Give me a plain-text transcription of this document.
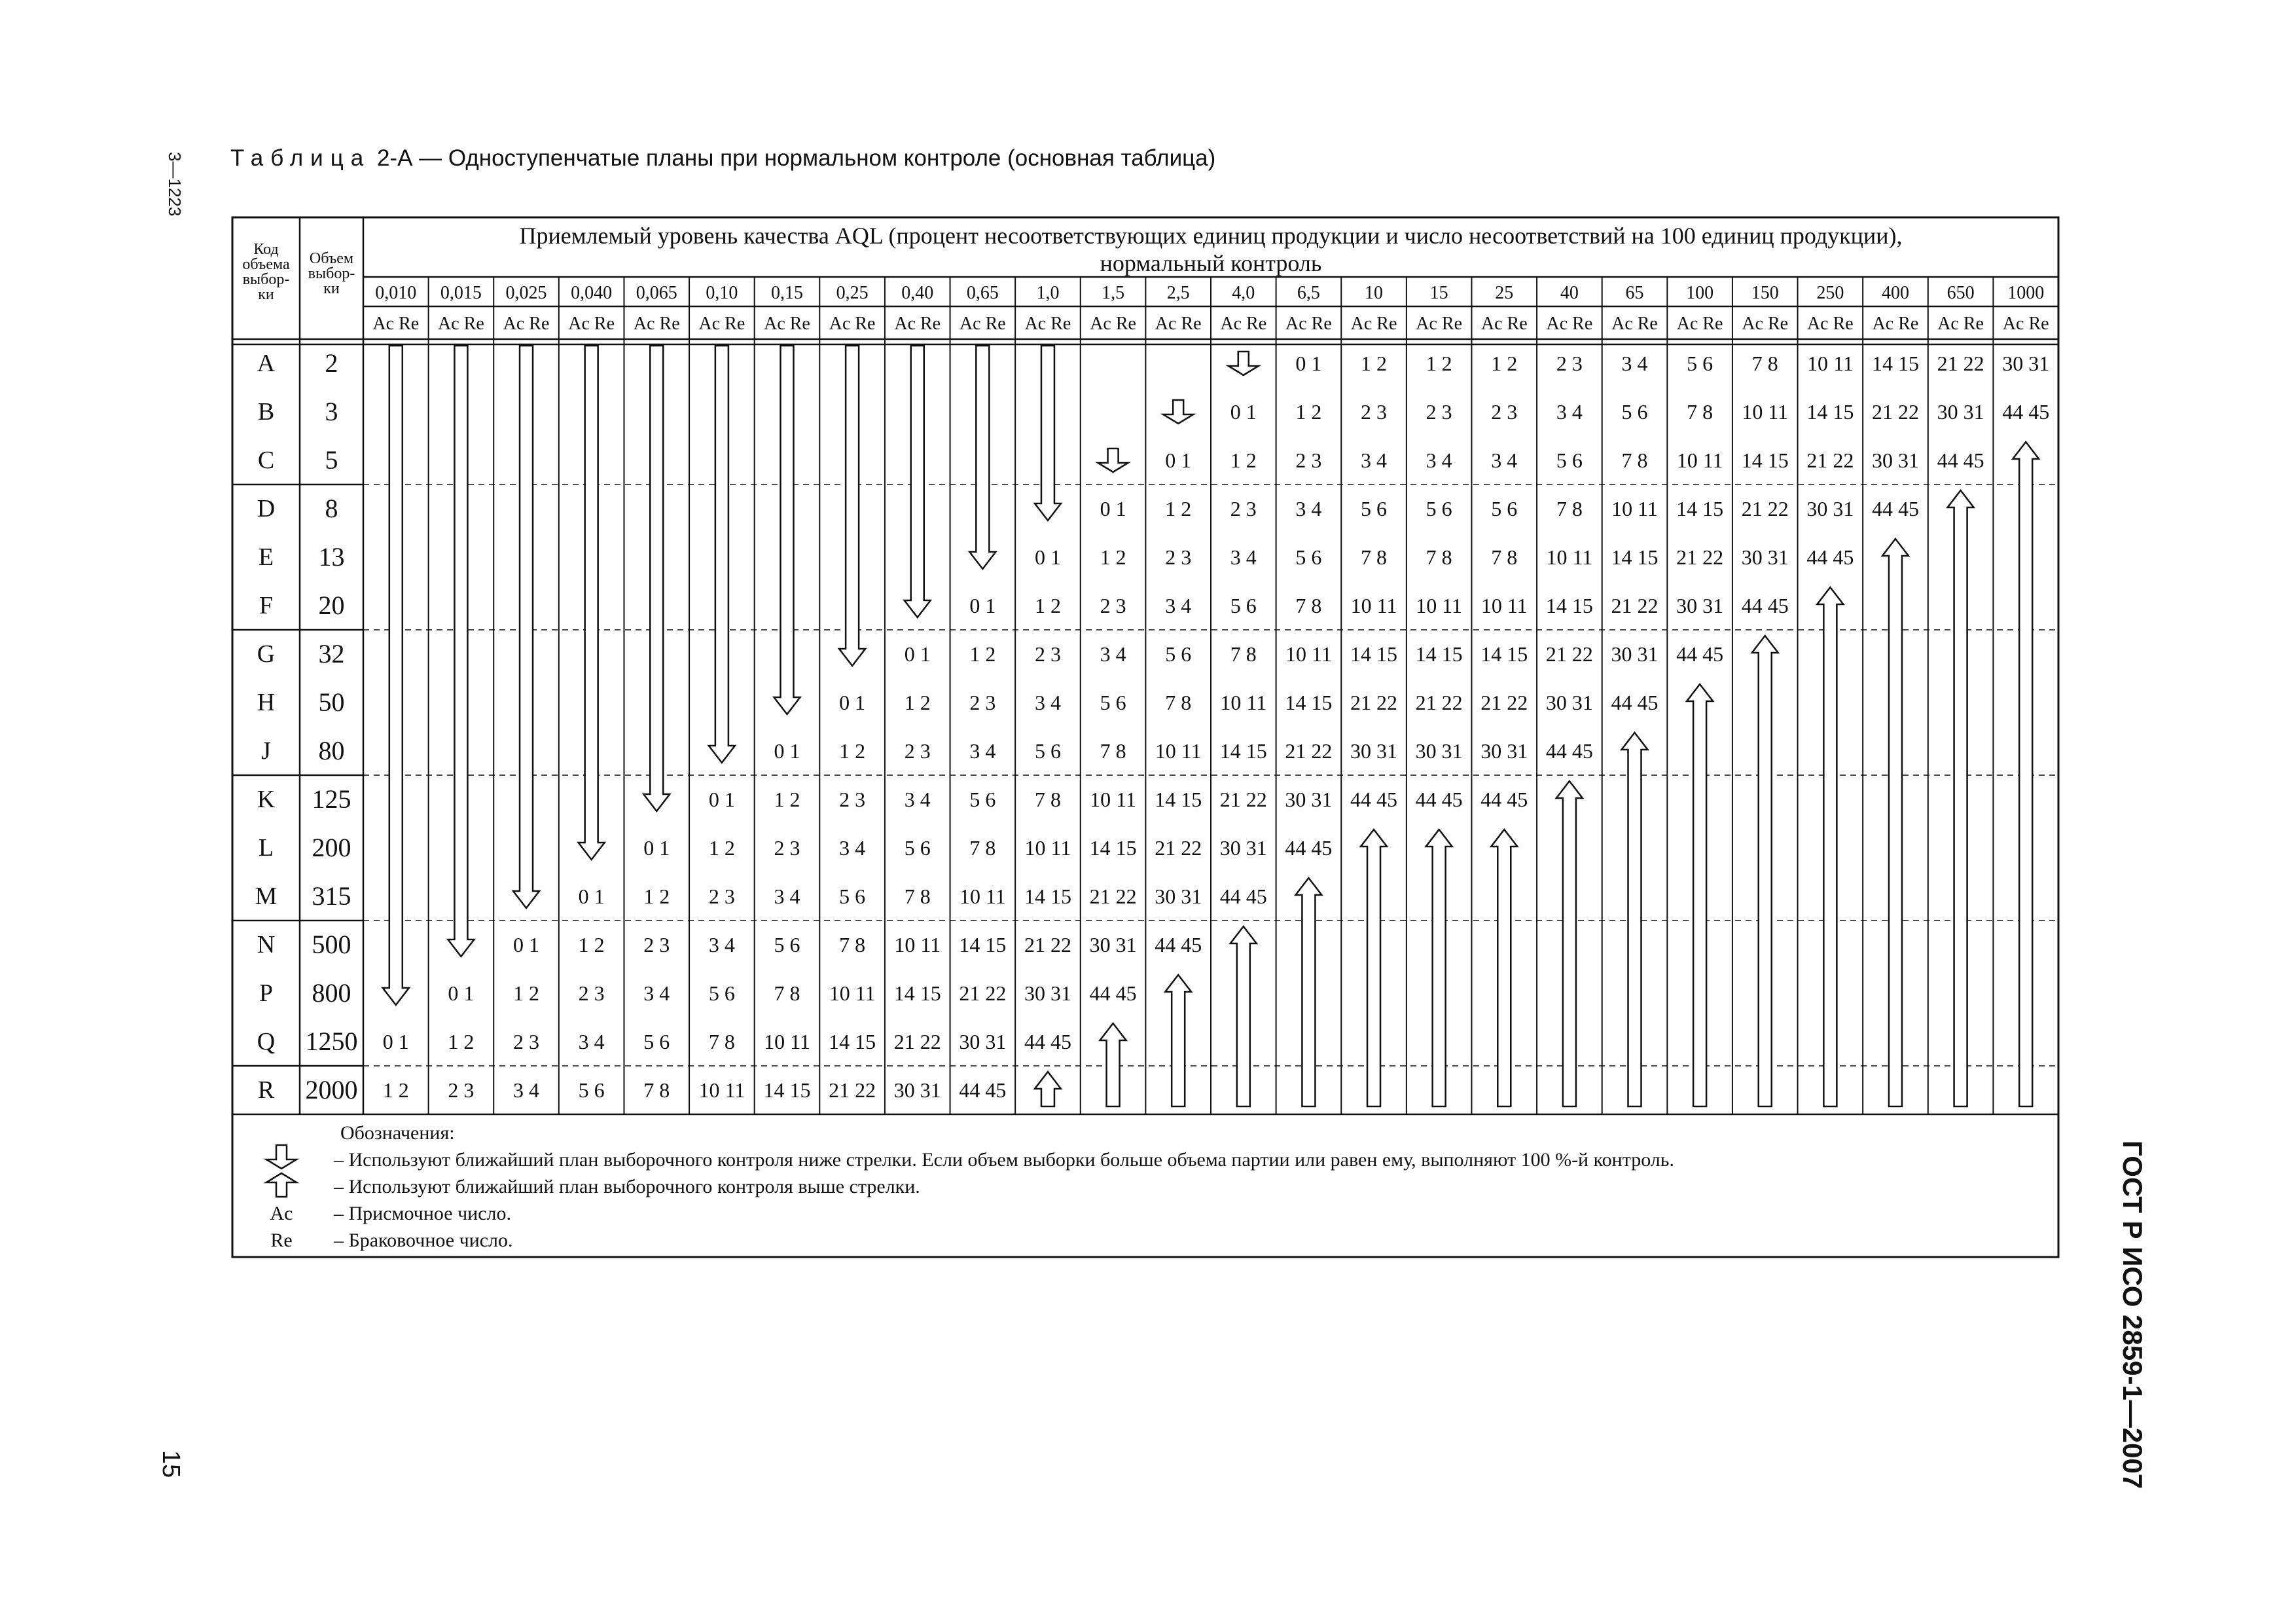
Таблица 2-А — Одноступенчатые планы при нормальном контроле (основная таблица)
3—1223
15	ГОСТ Р ИСО 2859-1—2007
Код
объема
выбор-
ки
Объем
выбор-
ки
Приемлемый уровень качества AQL (процент несоответствующих единиц продукции и число несоответствий на 100 единиц продукции),
нормальный контроль
0,010
Ac Re
0,015
Ac Re
0,025
Ac Re
0,040
Ac Re
0,065
Ac Re
0,10
Ac Re
0,15
Ac Re
0,25
Ac Re
0,40
Ac Re
0,65
Ac Re
1,0
Ac Re
1,5
Ac Re
2,5
Ac Re
4,0
Ac Re
6,5
Ac Re
10
Ac Re
15
Ac Re
25
Ac Re
40
Ac Re
65
Ac Re
100
Ac Re
150
Ac Re
250
Ac Re
400
Ac Re
650
Ac Re
1000
Ac Re
A
B
C
D
E
F
G
H
J
K
L
M
N
P
Q
R
2
3
5
8
13
20
32
50
80
125
200
315
500
800
1250
2000
0 1
1 2
0 1
1 2
2 3
0 1
1 2
2 3
3 4
0 1
1 2
2 3
3 4
5 6
0 1
1 2
2 3
3 4
5 6
7 8
0 1
1 2
2 3
3 4
5 6
7 8
10 11
0 1
1 2
2 3
3 4
5 6
7 8
10 11
14 15
0 1
1 2
2 3
3 4
5 6
7 8
10 11
14 15
21 22
0 1
1 2
2 3
3 4
5 6
7 8
10 11
14 15
21 22
30 31
0 1
1 2
2 3
3 4
5 6
7 8
10 11
14 15
21 22
30 31
44 45
0 1
1 2
2 3
3 4
5 6
7 8
10 11
14 15
21 22
30 31
44 45
0 1
1 2
2 3
3 4
5 6
7 8
10 11
14 15
21 22
30 31
44 45
0 1
1 2
2 3
3 4
5 6
7 8
10 11
14 15
21 22
30 31
44 45
0 1
1 2
2 3
3 4
5 6
7 8
10 11
14 15
21 22
30 31
44 45
0 1
1 2
2 3
3 4
5 6
7 8
10 11
14 15
21 22
30 31
44 45
1 2
2 3
3 4
5 6
7 8
10 11
14 15
21 22
30 31
44 45
1 2
2 3
3 4
5 6
7 8
10 11
14 15
21 22
30 31
44 45
1 2
2 3
3 4
5 6
7 8
10 11
14 15
21 22
30 31
44 45
2 3
3 4
5 6
7 8
10 11
14 15
21 22
30 31
44 45
3 4
5 6
7 8
10 11
14 15
21 22
30 31
44 45
5 6
7 8
10 11
14 15
21 22
30 31
44 45
7 8
10 11
14 15
21 22
30 31
44 45
10 11
14 15
21 22
30 31
44 45
14 15
21 22
30 31
44 45
21 22
30 31
44 45
30 31
44 45
Обозначения:
– Используют ближайший план выборочного контроля ниже стрелки. Если объем выборки больше объема партии или равен ему, выполняют 100 %-й контроль.
– Используют ближайший план выборочного контроля выше стрелки.
– Присмочное число.
Ac
– Браковочное число.
Re
